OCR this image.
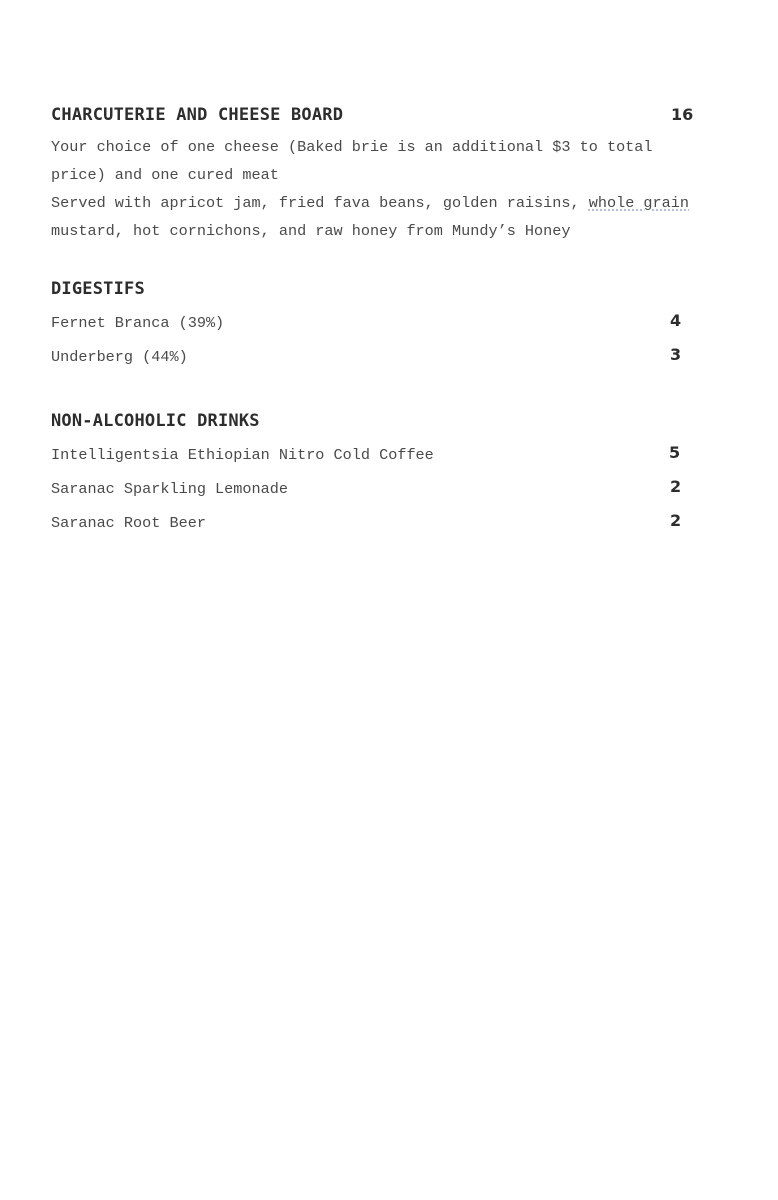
CHARCUTERIE AND CHEESE BOARD	16
Your choice of one cheese (Baked brie is an additional $3 to total
price) and one cured meat
Served with apricot jam, fried fava beans, golden raisins, whole grain
mustard, hot cornichons, and raw honey from Mundy’s Honey
DIGESTIFS
Fernet Branca (39%)	4
Underberg (44%)	3
NON-ALCOHOLIC DRINKS
Intelligentsia Ethiopian Nitro Cold Coffee	5
Saranac Sparkling Lemonade	2
Saranac Root Beer	2
